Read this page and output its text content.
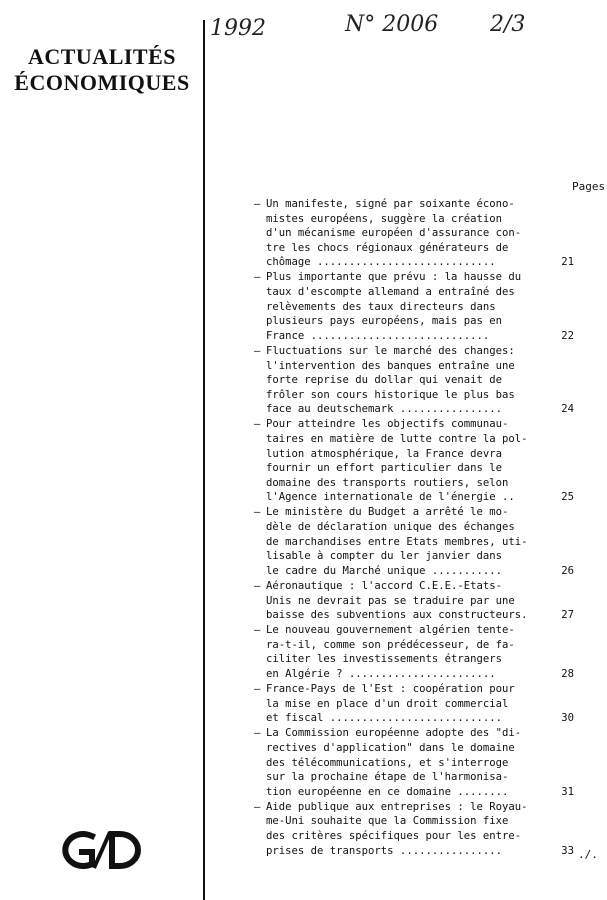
ACTUALITÉS
ÉCONOMIQUES
1992	N° 2006 2/3
Pages
– Un manifeste, signé par soixante écono-
mistes européens, suggère la création
d'un mécanisme européen d'assurance con-
tre les chocs régionaux générateurs de
chômage ............................	21
– Plus importante que prévu : la hausse du
taux d'escompte allemand a entraîné des
relèvements des taux directeurs dans
plusieurs pays européens, mais pas en
France ............................	22
– Fluctuations sur le marché des changes:
l'intervention des banques entraîne une
forte reprise du dollar qui venait de
frôler son cours historique le plus bas
face au deutschemark ................	24
– Pour atteindre les objectifs communau-
taires en matière de lutte contre la pol-
lution atmosphérique, la France devra
fournir un effort particulier dans le
domaine des transports routiers, selon
l'Agence internationale de l'énergie ..	25
– Le ministère du Budget a arrêté le mo-
dèle de déclaration unique des échanges
de marchandises entre Etats membres, uti-
lisable à compter du ler janvier dans
le cadre du Marché unique ...........	26
– Aéronautique : l'accord C.E.E.-Etats-
Unis ne devrait pas se traduire par une
baisse des subventions aux constructeurs.	27
– Le nouveau gouvernement algérien tente-
ra-t-il, comme son prédécesseur, de fa-
ciliter les investissements étrangers
en Algérie ? .......................	28
– France-Pays de l'Est : coopération pour
la mise en place d'un droit commercial
et fiscal ...........................	30
– La Commission européenne adopte des "di-
rectives d'application" dans le domaine
des télécommunications, et s'interroge
sur la prochaine étape de l'harmonisa-
tion européenne en ce domaine ........	31
– Aide publique aux entreprises : le Royau-
me-Uni souhaite que la Commission fixe
des critères spécifiques pour les entre-
prises de transports ................	33 ./.
